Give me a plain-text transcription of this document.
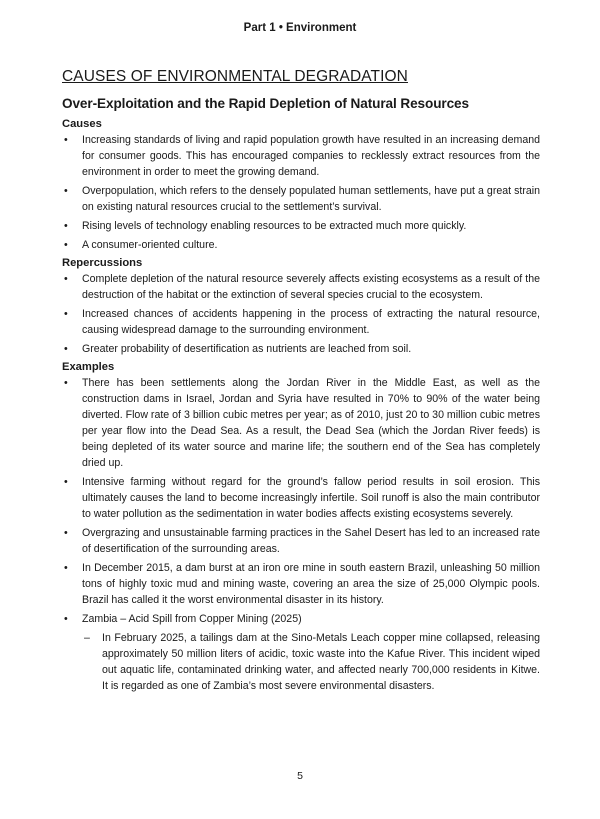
Part 1 • Environment
CAUSES OF ENVIRONMENTAL DEGRADATION
Over-Exploitation and the Rapid Depletion of Natural Resources
Causes
•	Increasing standards of living and rapid population growth have resulted in an increasing demand for consumer goods. This has encouraged companies to recklessly extract resources from the environment in order to meet the growing demand.
•	Overpopulation, which refers to the densely populated human settlements, have put a great strain on existing natural resources crucial to the settlement’s survival.
•	Rising levels of technology enabling resources to be extracted much more quickly.
•	A consumer-oriented culture.
Repercussions
•	Complete depletion of the natural resource severely affects existing ecosystems as a result of the destruction of the habitat or the extinction of several species crucial to the ecosystem.
•	Increased chances of accidents happening in the process of extracting the natural resource, causing widespread damage to the surrounding environment.
•	Greater probability of desertification as nutrients are leached from soil.
Examples
•	There has been settlements along the Jordan River in the Middle East, as well as the construction dams in Israel, Jordan and Syria have resulted in 70% to 90% of the water being diverted. Flow rate of 3 billion cubic metres per year; as of 2010, just 20 to 30 million cubic metres per year flow into the Dead Sea. As a result, the Dead Sea (which the Jordan River feeds) is being depleted of its water source and marine life; the southern end of the Sea has completely dried up.
•	Intensive farming without regard for the ground’s fallow period results in soil erosion. This ultimately causes the land to become increasingly infertile. Soil runoff is also the main contributor to water pollution as the sedimentation in water bodies affects existing ecosystems severely.
•	Overgrazing and unsustainable farming practices in the Sahel Desert has led to an increased rate of desertification of the surrounding areas.
•	In December 2015, a dam burst at an iron ore mine in south eastern Brazil, unleashing 50 million tons of highly toxic mud and mining waste, covering an area the size of 25,000 Olympic pools. Brazil has called it the worst environmental disaster in its history.
•	Zambia – Acid Spill from Copper Mining (2025)
– In February 2025, a tailings dam at the Sino-Metals Leach copper mine collapsed, releasing approximately 50 million liters of acidic, toxic waste into the Kafue River. This incident wiped out aquatic life, contaminated drinking water, and affected nearly 700,000 residents in Kitwe. It is regarded as one of Zambia’s most severe environmental disasters.
5
